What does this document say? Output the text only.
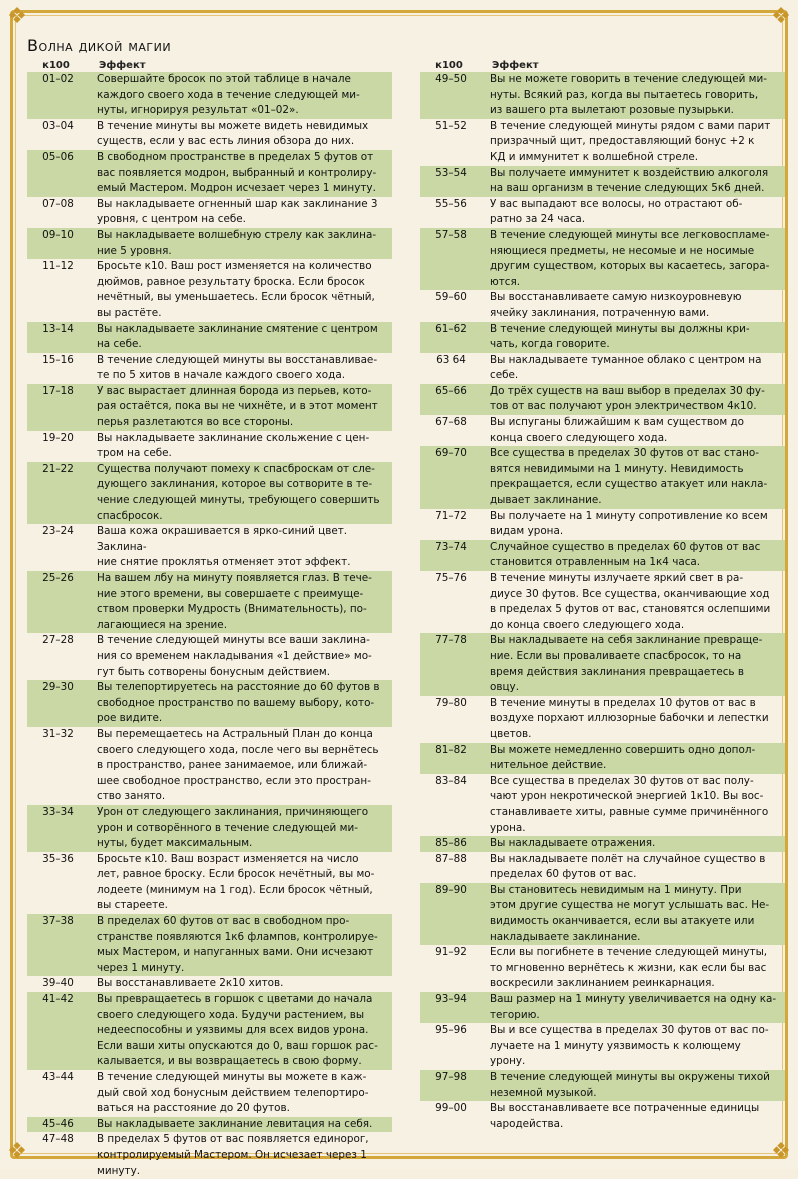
❖	❖
❖	❖
Волна дикой магии
к100	Эффект
01–02	Совершайте бросок по этой таблице в начале
каждого своего хода в течение следующей ми-
нуты, игнорируя результат «01–02».
03–04	В течение минуты вы можете видеть невидимых
существ, если у вас есть линия обзора до них.
05–06	В свободном пространстве в пределах 5 футов от
вас появляется модрон, выбранный и контролиру-
емый Мастером. Модрон исчезает через 1 минуту.
07–08	Вы накладываете огненный шар как заклинание 3
уровня, с центром на себе.
09–10	Вы накладываете волшебную стрелу как заклина-
ние 5 уровня.
11–12	Бросьте к10. Ваш рост изменяется на количество
дюймов, равное результату броска. Если бросок
нечётный, вы уменьшаетесь. Если бросок чётный,
вы растёте.
13–14	Вы накладываете заклинание смятение с центром
на себе.
15–16	В течение следующей минуты вы восстанавливае-
те по 5 хитов в начале каждого своего хода.
17–18	У вас вырастает длинная борода из перьев, кото-
рая остаётся, пока вы не чихнёте, и в этот момент
перья разлетаются во все стороны.
19–20	Вы накладываете заклинание скольжение с цен-
тром на себе.
21–22	Существа получают помеху к спасброскам от сле-
дующего заклинания, которое вы сотворите в те-
чение следующей минуты, требующего совершить
спасбросок.
23–24	Ваша кожа окрашивается в ярко-синий цвет. Заклина-
ние снятие проклятья отменяет этот эффект.
25–26	На вашем лбу на минуту появляется глаз. В тече-
ние этого времени, вы совершаете с преимуще-
ством проверки Мудрость (Внимательность), по-
лагающиеся на зрение.
27–28	В течение следующей минуты все ваши заклина-
ния со временем накладывания «1 действие» мо-
гут быть сотворены бонусным действием.
29–30	Вы телепортируетесь на расстояние до 60 футов в
свободное пространство по вашему выбору, кото-
рое видите.
31–32	Вы перемещаетесь на Астральный План до конца
своего следующего хода, после чего вы вернётесь
в пространство, ранее занимаемое, или ближай-
шее свободное пространство, если это простран-
ство занято.
33–34	Урон от следующего заклинания, причиняющего
урон и сотворённого в течение следующей ми-
нуты, будет максимальным.
35–36	Бросьте к10. Ваш возраст изменяется на число
лет, равное броску. Если бросок нечётный, вы мо-
лодеете (минимум на 1 год). Если бросок чётный,
вы стареете.
37–38	В пределах 60 футов от вас в свободном про-
странстве появляются 1к6 флампов, контролируе-
мых Мастером, и напуганных вами. Они исчезают
через 1 минуту.
39–40	Вы восстанавливаете 2к10 хитов.
41–42	Вы превращаетесь в горшок с цветами до начала
своего следующего хода. Будучи растением, вы
недееспособны и уязвимы для всех видов урона.
Если ваши хиты опускаются до 0, ваш горшок рас-
калывается, и вы возвращаетесь в свою форму.
43–44	В течение следующей минуты вы можете в каж-
дый свой ход бонусным действием телепортиро-
ваться на расстояние до 20 футов.
45–46	Вы накладываете заклинание левитация на себя.
47–48	В пределах 5 футов от вас появляется единорог,
контролируемый Мастером. Он исчезает через 1
минуту.
к100	Эффект
49–50	Вы не можете говорить в течение следующей ми-
нуты. Всякий раз, когда вы пытаетесь говорить,
из вашего рта вылетают розовые пузырьки.
51–52	В течение следующей минуты рядом с вами парит
призрачный щит, предоставляющий бонус +2 к
КД и иммунитет к волшебной стреле.
53–54	Вы получаете иммунитет к воздействию алкоголя
на ваш организм в течение следующих 5к6 дней.
55–56	У вас выпадают все волосы, но отрастают об-
ратно за 24 часа.
57–58	В течение следующей минуты все легковоспламе-
няющиеся предметы, не несомые и не носимые
другим существом, которых вы касаетесь, загора-
ются.
59–60	Вы восстанавливаете самую низкоуровневую
ячейку заклинания, потраченную вами.
61–62	В течение следующей минуты вы должны кри-
чать, когда говорите.
63 64	Вы накладываете туманное облако с центром на
себе.
65–66	До трёх существ на ваш выбор в пределах 30 фу-
тов от вас получают урон электричеством 4к10.
67–68	Вы испуганы ближайшим к вам существом до
конца своего следующего хода.
69–70	Все существа в пределах 30 футов от вас стано-
вятся невидимыми на 1 минуту. Невидимость
прекращается, если существо атакует или накла-
дывает заклинание.
71–72	Вы получаете на 1 минуту сопротивление ко всем
видам урона.
73–74	Случайное существо в пределах 60 футов от вас
становится отравленным на 1к4 часа.
75–76	В течение минуты излучаете яркий свет в ра-
диусе 30 футов. Все существа, оканчивающие ход
в пределах 5 футов от вас, становятся ослепшими
до конца своего следующего хода.
77–78	Вы накладываете на себя заклинание превраще-
ние. Если вы проваливаете спасбросок, то на
время действия заклинания превращаетесь в
овцу.
79–80	В течение минуты в пределах 10 футов от вас в
воздухе порхают иллюзорные бабочки и лепестки
цветов.
81–82	Вы можете немедленно совершить одно допол-
нительное действие.
83–84	Все существа в пределах 30 футов от вас полу-
чают урон некротической энергией 1к10. Вы вос-
станавливаете хиты, равные сумме причинённого
урона.
85–86	Вы накладываете отражения.
87–88	Вы накладываете полёт на случайное существо в
пределах 60 футов от вас.
89–90	Вы становитесь невидимым на 1 минуту. При
этом другие существа не могут услышать вас. Не-
видимость оканчивается, если вы атакуете или
накладываете заклинание.
91–92	Если вы погибнете в течение следующей минуты,
то мгновенно вернётесь к жизни, как если бы вас
воскресили заклинанием реинкарнация.
93–94	Ваш размер на 1 минуту увеличивается на одну ка-
тегорию.
95–96	Вы и все существа в пределах 30 футов от вас по-
лучаете на 1 минуту уязвимость к колющему
урону.
97–98	В течение следующей минуты вы окружены тихой
неземной музыкой.
99–00	Вы восстанавливаете все потраченные единицы
чародейства.
